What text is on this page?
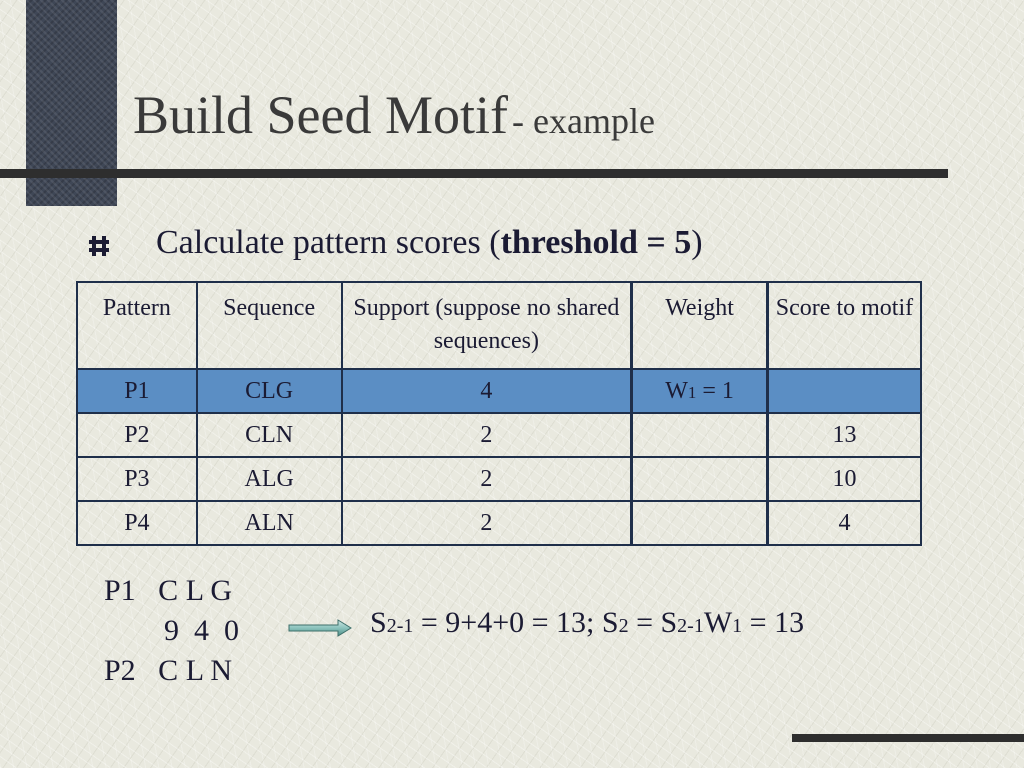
Build Seed Motif - example
Calculate pattern scores (threshold = 5)
Pattern	Sequence	Support (suppose no shared sequences)	Weight	Score to motif
P1	CLG	4	W1 = 1	
P2	CLN	2		13
P3	ALG	2		10
P4	ALN	2		4
P1   C L G
9  4  0
P2   C L N
S2-1 = 9+4+0 = 13; S2 = S2-1W1 = 13
